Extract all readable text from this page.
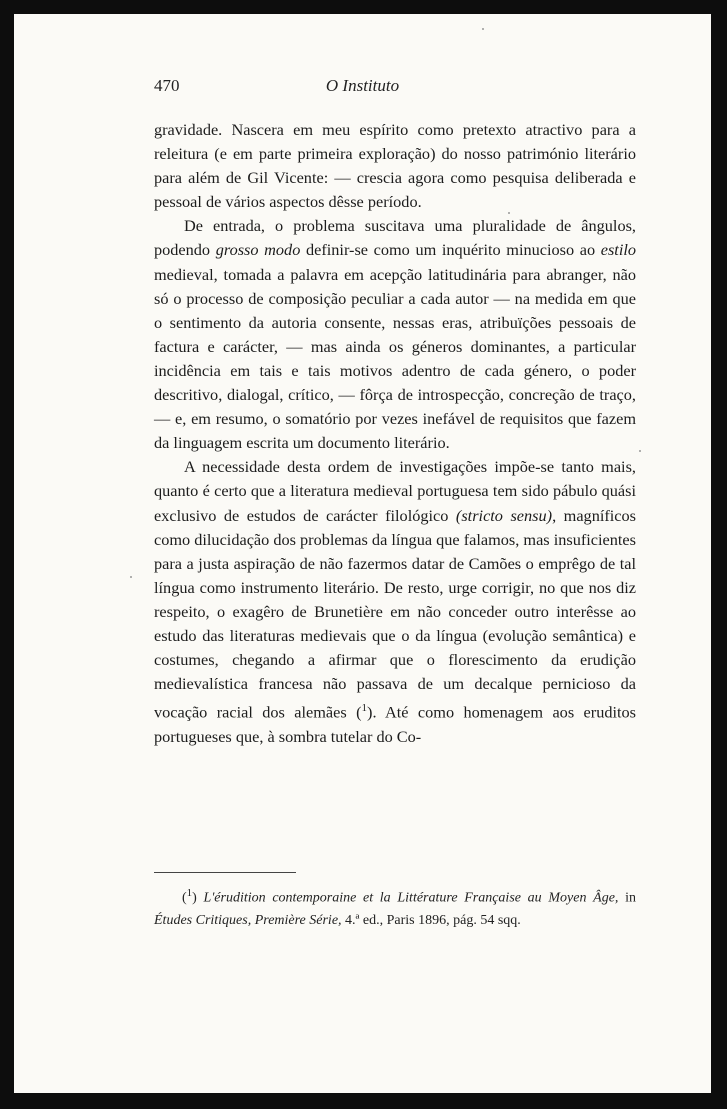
470	O Instituto

gravidade. Nascera em meu espírito como pretexto atractivo para a releitura (e em parte primeira exploração) do nosso património literário para além de Gil Vicente: — crescia agora como pesquisa deliberada e pessoal de vários aspectos dêsse período.

De entrada, o problema suscitava uma pluralidade de ângulos, podendo grosso modo definir-se como um inquérito minucioso ao estilo medieval, tomada a palavra em acepção latitudinária para abranger, não só o processo de composição peculiar a cada autor — na medida em que o sentimento da autoria consente, nessas eras, atribuïções pessoais de factura e carácter, — mas ainda os géneros dominantes, a particular incidência em tais e tais motivos adentro de cada género, o poder descritivo, dialogal, crítico, — fôrça de introspecção, concreção de traço, — e, em resumo, o somatório por vezes inefável de requisitos que fazem da linguagem escrita um documento literário.

A necessidade desta ordem de investigações impõe-se tanto mais, quanto é certo que a literatura medieval portuguesa tem sido pábulo quási exclusivo de estudos de carácter filológico (stricto sensu), magníficos como dilucidação dos problemas da língua que falamos, mas insuficientes para a justa aspiração de não fazermos datar de Camões o emprêgo de tal língua como instrumento literário. De resto, urge corrigir, no que nos diz respeito, o exagêro de Brunetière em não conceder outro interêsse ao estudo das literaturas medievais que o da língua (evolução semântica) e costumes, chegando a afirmar que o florescimento da erudição medievalística francesa não passava de um decalque pernicioso da vocação racial dos alemães ($^1$). Até como homenagem aos eruditos portugueses que, à sombra tutelar do Co-

($^1$) L'érudition contemporaine et la Littérature Française au Moyen Âge, in Études Critiques, Première Série, 4.ª ed., Paris 1896, pág. 54 sqq.
